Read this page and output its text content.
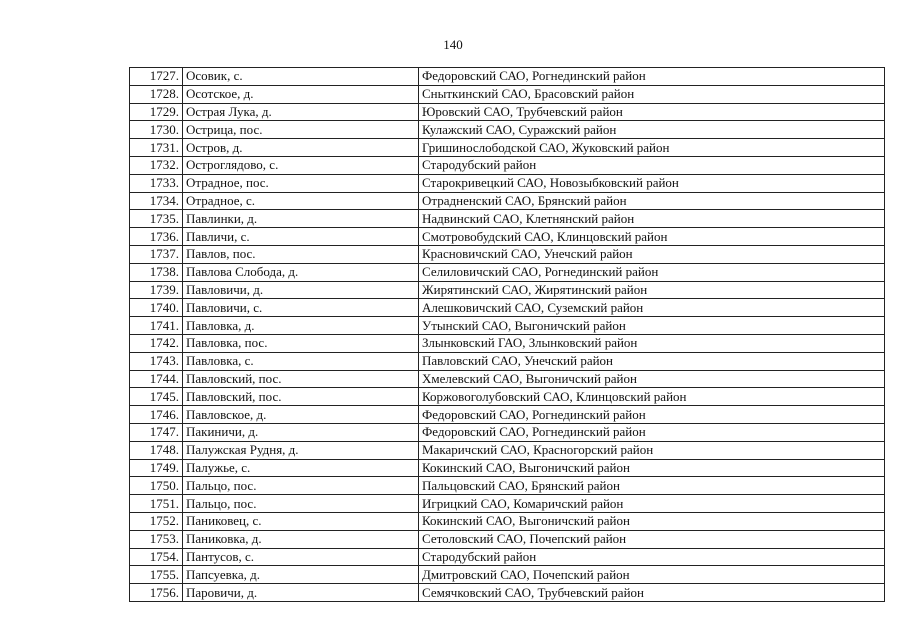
140
1727.	Осовик, с.	Федоровский САО, Рогнединский район
1728.	Осотское, д.	Сныткинский САО, Брасовский район
1729.	Острая Лука, д.	Юровский САО, Трубчевский район
1730.	Острица, пос.	Кулажский САО, Суражский район
1731.	Остров, д.	Гришинослободской САО, Жуковский район
1732.	Остроглядово, с.	Стародубский район
1733.	Отрадное, пос.	Старокривецкий САО, Новозыбковский район
1734.	Отрадное, с.	Отрадненский САО, Брянский район
1735.	Павлинки, д.	Надвинский САО, Клетнянский район
1736.	Павличи, с.	Смотровобудский САО, Клинцовский район
1737.	Павлов, пос.	Красновичский САО, Унечский район
1738.	Павлова Слобода, д.	Селиловичский САО, Рогнединский район
1739.	Павловичи, д.	Жирятинский САО, Жирятинский район
1740.	Павловичи, с.	Алешковичский САО, Суземский район
1741.	Павловка, д.	Утынский САО, Выгоничский район
1742.	Павловка, пос.	Злынковский ГАО, Злынковский район
1743.	Павловка, с.	Павловский САО, Унечский район
1744.	Павловский, пос.	Хмелевский САО, Выгоничский район
1745.	Павловский, пос.	Коржовоголубовский САО, Клинцовский район
1746.	Павловское, д.	Федоровский САО, Рогнединский район
1747.	Пакиничи, д.	Федоровский САО, Рогнединский район
1748.	Палужская Рудня, д.	Макаричский САО, Красногорский район
1749.	Палужье, с.	Кокинский САО, Выгоничский район
1750.	Пальцо, пос.	Пальцовский САО, Брянский район
1751.	Пальцо, пос.	Игрицкий САО, Комаричский район
1752.	Паниковец, с.	Кокинский САО, Выгоничский район
1753.	Паниковка, д.	Сетоловский САО, Почепский район
1754.	Пантусов, с.	Стародубский район
1755.	Папсуевка, д.	Дмитровский САО, Почепский район
1756.	Паровичи, д.	Семячковский САО, Трубчевский район
